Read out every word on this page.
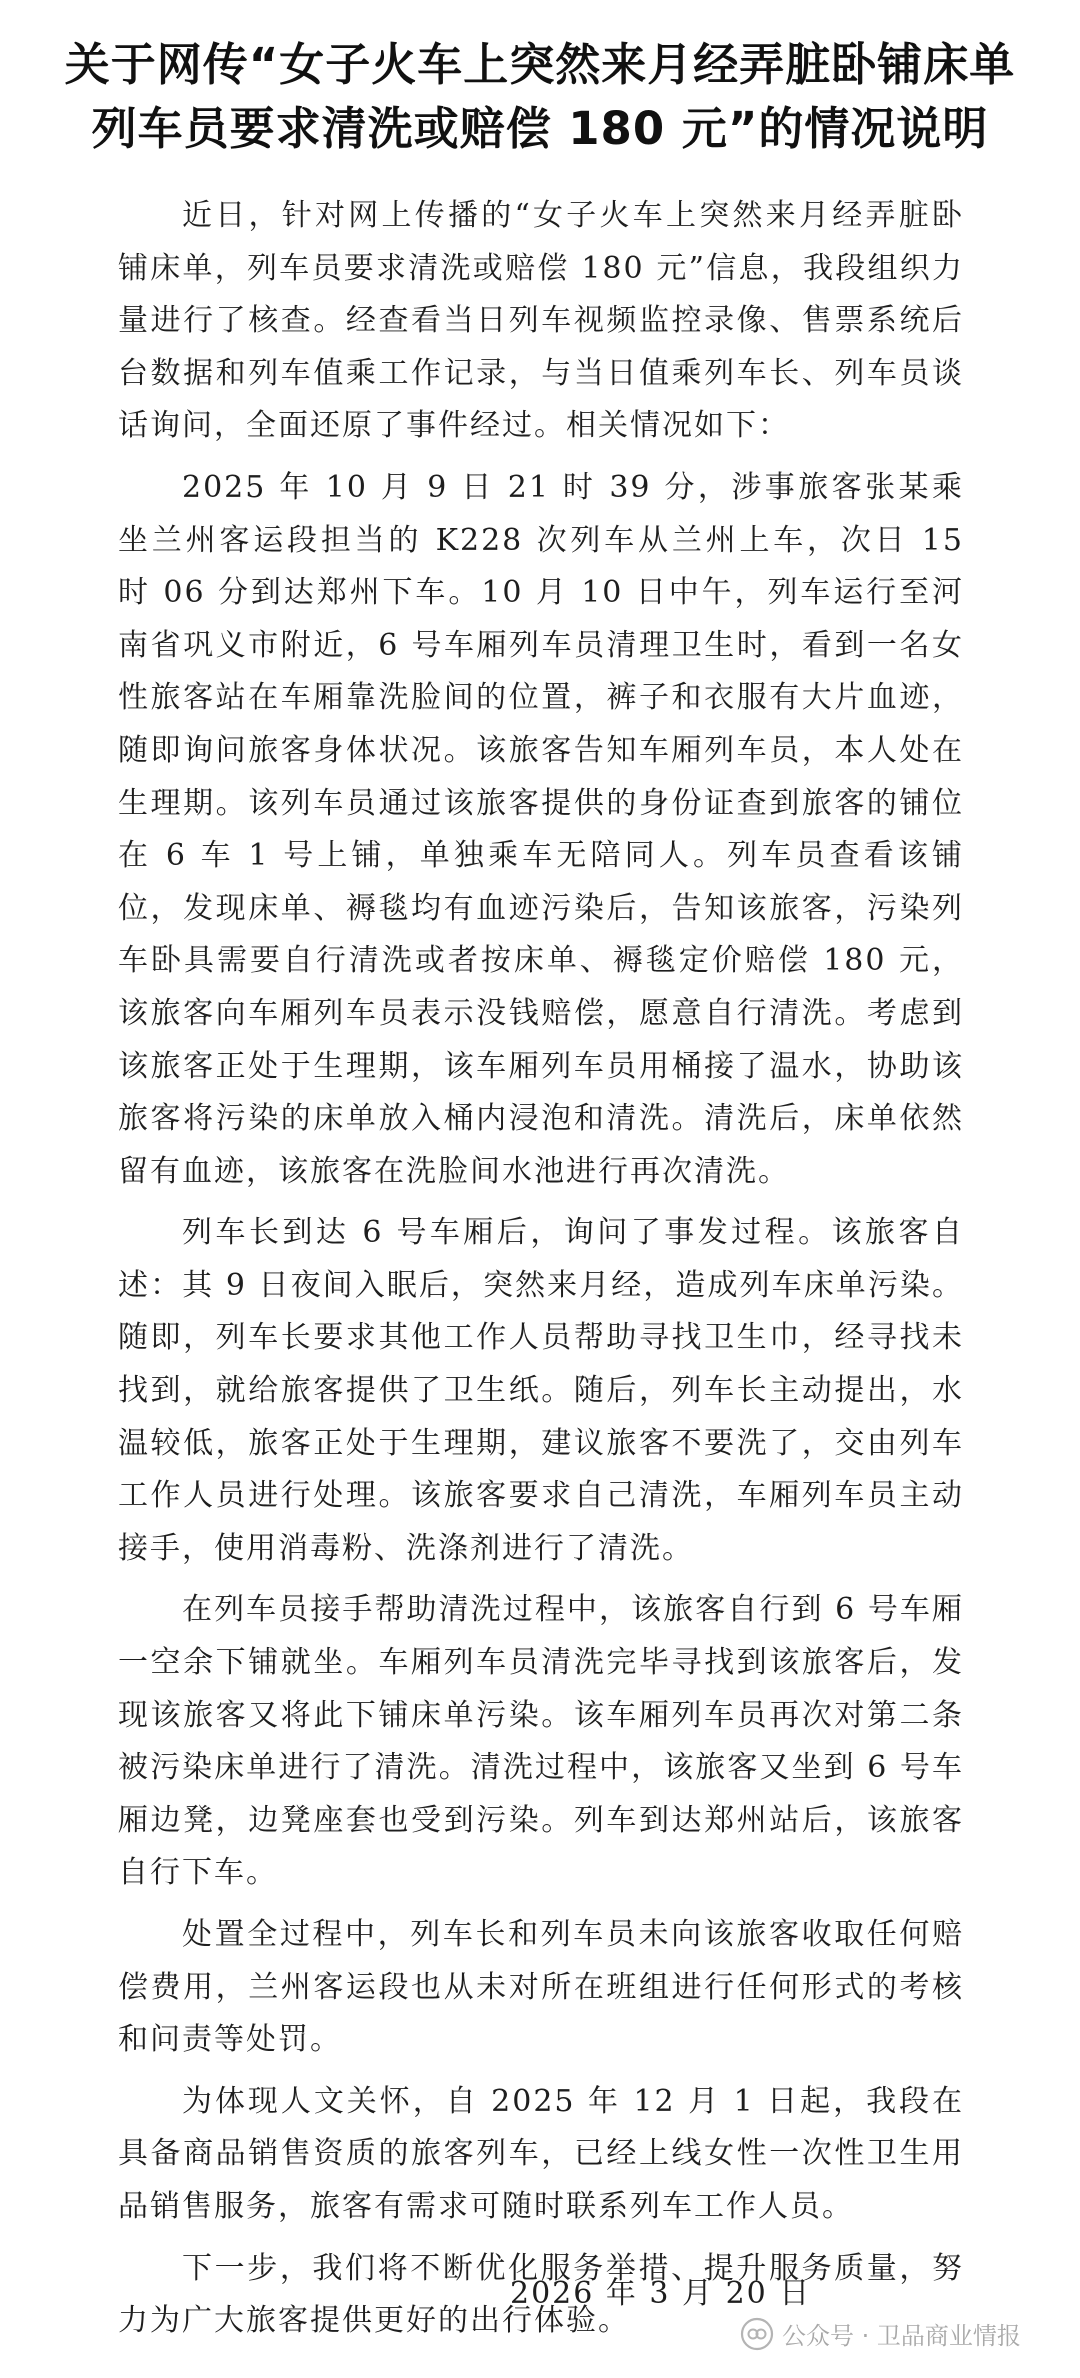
关于网传“女子火车上突然来月经弄脏卧铺床单
列车员要求清洗或赔偿 180 元”的情况说明

近日，针对网上传播的“女子火车上突然来月经弄脏卧铺床单，列车员要求清洗或赔偿 180 元”信息，我段组织力量进行了核查。经查看当日列车视频监控录像、售票系统后台数据和列车值乘工作记录，与当日值乘列车长、列车员谈话询问，全面还原了事件经过。相关情况如下：

2025 年 10 月 9 日 21 时 39 分，涉事旅客张某乘坐兰州客运段担当的 K228 次列车从兰州上车，次日 15 时 06 分到达郑州下车。10 月 10 日中午，列车运行至河南省巩义市附近，6 号车厢列车员清理卫生时，看到一名女性旅客站在车厢靠洗脸间的位置，裤子和衣服有大片血迹，随即询问旅客身体状况。该旅客告知车厢列车员，本人处在生理期。该列车员通过该旅客提供的身份证查到旅客的铺位在 6 车 1 号上铺，单独乘车无陪同人。列车员查看该铺位，发现床单、褥毯均有血迹污染后，告知该旅客，污染列车卧具需要自行清洗或者按床单、褥毯定价赔偿 180 元，该旅客向车厢列车员表示没钱赔偿，愿意自行清洗。考虑到该旅客正处于生理期，该车厢列车员用桶接了温水，协助该旅客将污染的床单放入桶内浸泡和清洗。清洗后，床单依然留有血迹，该旅客在洗脸间水池进行再次清洗。

列车长到达 6 号车厢后，询问了事发过程。该旅客自述：其 9 日夜间入眠后，突然来月经，造成列车床单污染。随即，列车长要求其他工作人员帮助寻找卫生巾，经寻找未找到，就给旅客提供了卫生纸。随后，列车长主动提出，水温较低，旅客正处于生理期，建议旅客不要洗了，交由列车工作人员进行处理。该旅客要求自己清洗，车厢列车员主动接手，使用消毒粉、洗涤剂进行了清洗。

在列车员接手帮助清洗过程中，该旅客自行到 6 号车厢一空余下铺就坐。车厢列车员清洗完毕寻找到该旅客后，发现该旅客又将此下铺床单污染。该车厢列车员再次对第二条被污染床单进行了清洗。清洗过程中，该旅客又坐到 6 号车厢边凳，边凳座套也受到污染。列车到达郑州站后，该旅客自行下车。

处置全过程中，列车长和列车员未向该旅客收取任何赔偿费用，兰州客运段也从未对所在班组进行任何形式的考核和问责等处罚。

为体现人文关怀，自 2025 年 12 月 1 日起，我段在具备商品销售资质的旅客列车，已经上线女性一次性卫生用品销售服务，旅客有需求可随时联系列车工作人员。

下一步，我们将不断优化服务举措、提升服务质量，努力为广大旅客提供更好的出行体验。

2026 年 3 月 20 日
公众号 · 卫品商业情报
